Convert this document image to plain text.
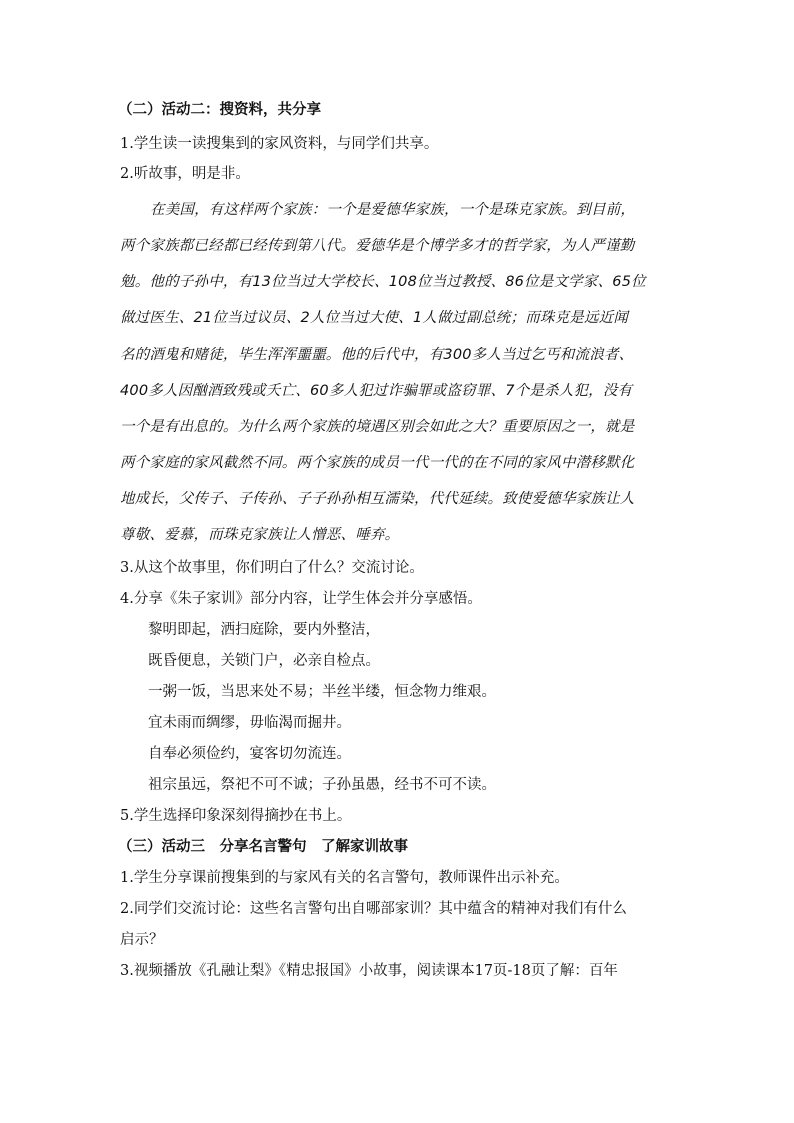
（二）活动二：搜资料，共分享
1.学生读一读搜集到的家风资料，与同学们共享。
2.听故事，明是非。
在美国，有这样两个家族：一个是爱德华家族，一个是珠克家族。到目前，
两个家族都已经都已经传到第八代。爱德华是个博学多才的哲学家，为人严谨勤
勉。他的子孙中，有13位当过大学校长、108位当过教授、86位是文学家、65位
做过医生、21位当过议员、2人位当过大使、1人做过副总统；而珠克是远近闻
名的酒鬼和赌徒，毕生浑浑噩噩。他的后代中，有300多人当过乞丐和流浪者、
400多人因酗酒致残或夭亡、60多人犯过诈骗罪或盗窃罪、7个是杀人犯，没有
一个是有出息的。为什么两个家族的境遇区别会如此之大？重要原因之一，就是
两个家庭的家风截然不同。两个家族的成员一代一代的在不同的家风中潜移默化
地成长，父传子、子传孙、子子孙孙相互濡染，代代延续。致使爱德华家族让人
尊敬、爱慕，而珠克家族让人憎恶、唾弃。
3.从这个故事里，你们明白了什么？交流讨论。
4.分享《朱子家训》部分内容，让学生体会并分享感悟。
黎明即起，洒扫庭除，要内外整洁，
既昏便息，关锁门户，必亲自检点。
一粥一饭，当思来处不易；半丝半缕，恒念物力维艰。
宜未雨而绸缪，毋临渴而掘井。
自奉必须俭约，宴客切勿流连。
祖宗虽远，祭祀不可不诚；子孙虽愚，经书不可不读。
5.学生选择印象深刻得摘抄在书上。
（三）活动三　分享名言警句　了解家训故事
1.学生分享课前搜集到的与家风有关的名言警句，教师课件出示补充。
2.同学们交流讨论：这些名言警句出自哪部家训？其中蕴含的精神对我们有什么
启示？
3.视频播放《孔融让梨》《精忠报国》小故事，阅读课本17页-18页了解：百年
